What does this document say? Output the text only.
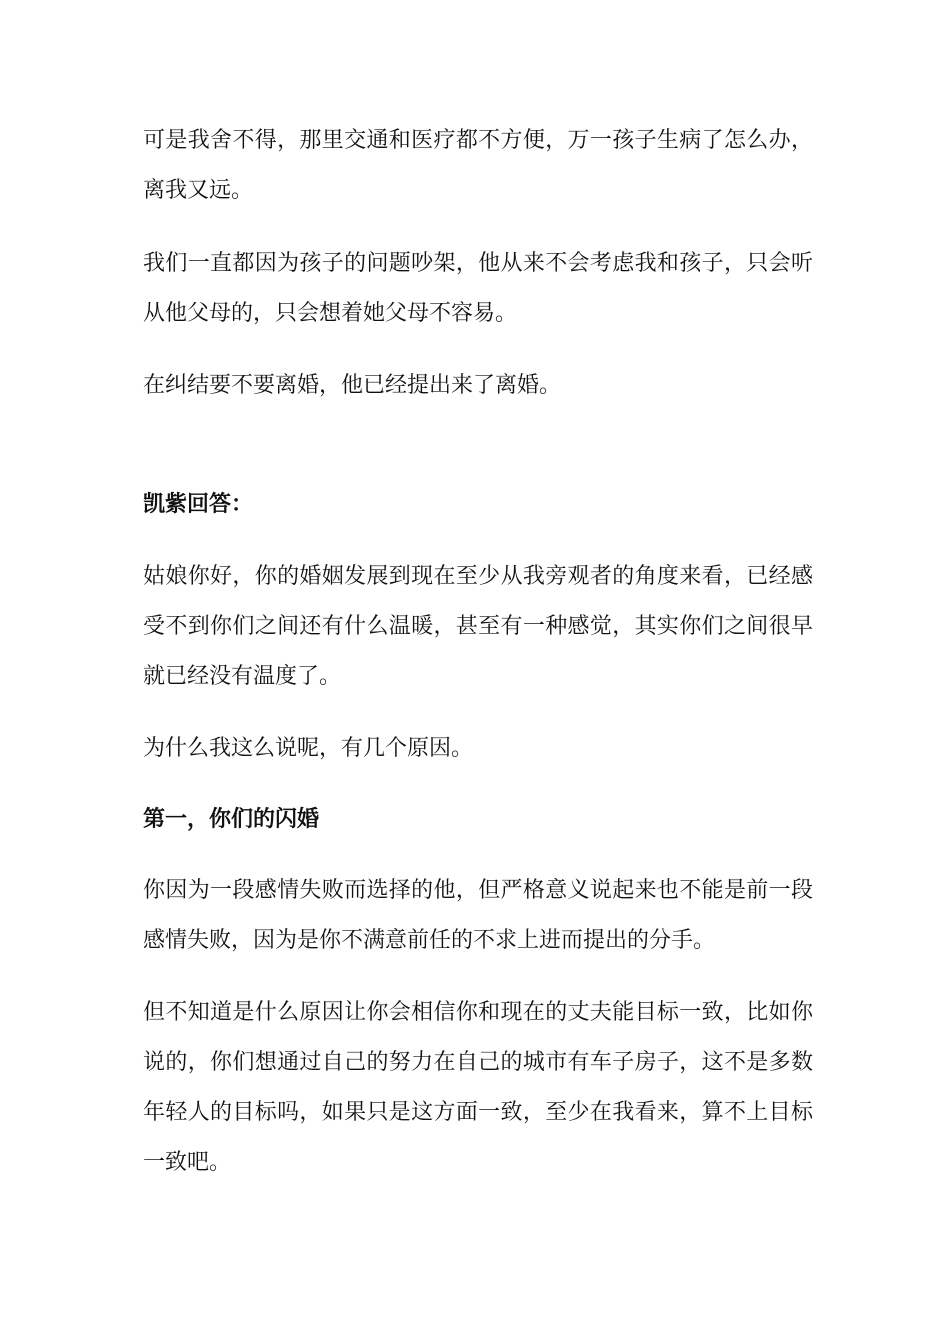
可是我舍不得，那里交通和医疗都不方便，万一孩子生病了怎么办，离我又远。

我们一直都因为孩子的问题吵架，他从来不会考虑我和孩子，只会听从他父母的，只会想着她父母不容易。

在纠结要不要离婚，他已经提出来了离婚。

凯紫回答：

姑娘你好，你的婚姻发展到现在至少从我旁观者的角度来看，已经感受不到你们之间还有什么温暖，甚至有一种感觉，其实你们之间很早就已经没有温度了。

为什么我这么说呢，有几个原因。

第一，你们的闪婚

你因为一段感情失败而选择的他，但严格意义说起来也不能是前一段感情失败，因为是你不满意前任的不求上进而提出的分手。

但不知道是什么原因让你会相信你和现在的丈夫能目标一致，比如你说的，你们想通过自己的努力在自己的城市有车子房子，这不是多数年轻人的目标吗，如果只是这方面一致，至少在我看来，算不上目标一致吧。
